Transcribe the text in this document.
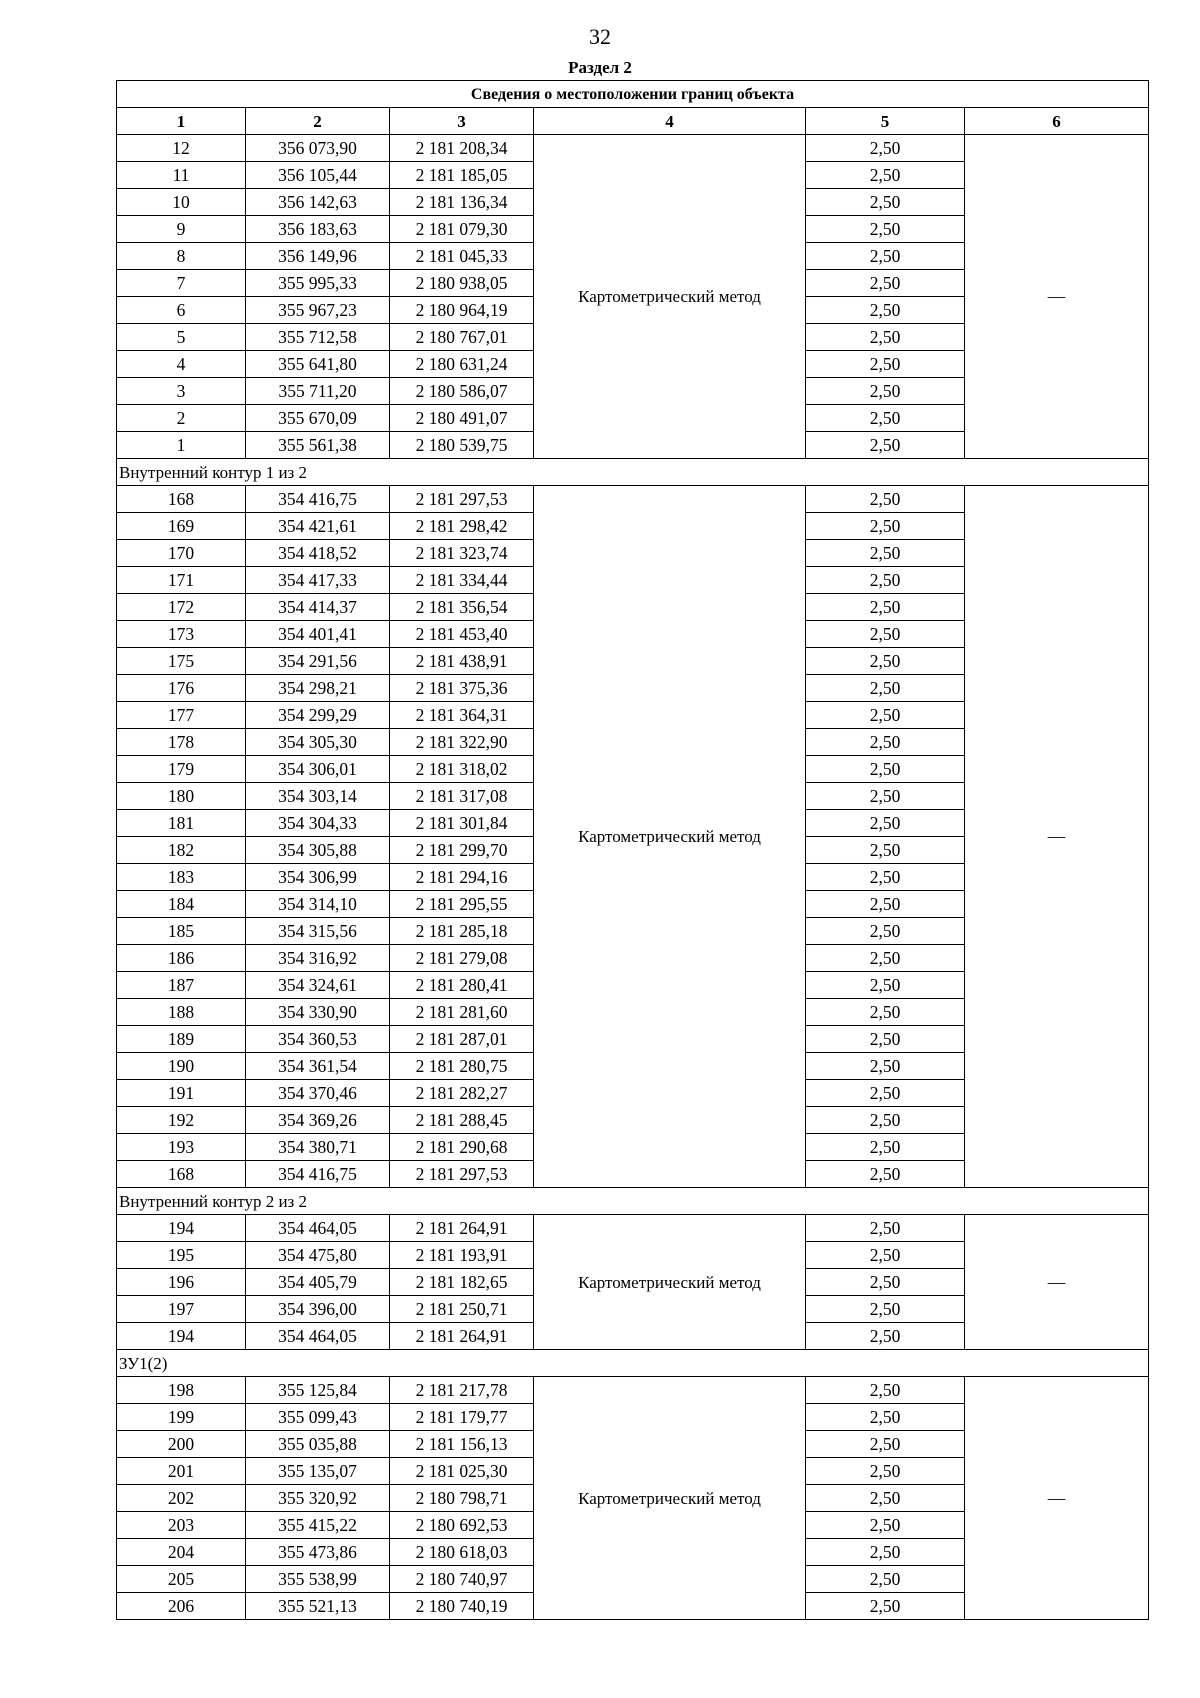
32
Раздел 2
Сведения о местоположении границ объекта					
1	2	3	4	5	6
12	356 073,90	2 181 208,34	Картометрический метод	2,50	—
11	356 105,44	2 181 185,05		2,50	
10	356 142,63	2 181 136,34		2,50	
9	356 183,63	2 181 079,30		2,50	
8	356 149,96	2 181 045,33		2,50	
7	355 995,33	2 180 938,05		2,50	
6	355 967,23	2 180 964,19		2,50	
5	355 712,58	2 180 767,01		2,50	
4	355 641,80	2 180 631,24		2,50	
3	355 711,20	2 180 586,07		2,50	
2	355 670,09	2 180 491,07		2,50	
1	355 561,38	2 180 539,75		2,50	
Внутренний контур 1 из 2					
168	354 416,75	2 181 297,53	Картометрический метод	2,50	—
169	354 421,61	2 181 298,42		2,50	
170	354 418,52	2 181 323,74		2,50	
171	354 417,33	2 181 334,44		2,50	
172	354 414,37	2 181 356,54		2,50	
173	354 401,41	2 181 453,40		2,50	
175	354 291,56	2 181 438,91		2,50	
176	354 298,21	2 181 375,36		2,50	
177	354 299,29	2 181 364,31		2,50	
178	354 305,30	2 181 322,90		2,50	
179	354 306,01	2 181 318,02		2,50	
180	354 303,14	2 181 317,08		2,50	
181	354 304,33	2 181 301,84		2,50	
182	354 305,88	2 181 299,70		2,50	
183	354 306,99	2 181 294,16		2,50	
184	354 314,10	2 181 295,55		2,50	
185	354 315,56	2 181 285,18		2,50	
186	354 316,92	2 181 279,08		2,50	
187	354 324,61	2 181 280,41		2,50	
188	354 330,90	2 181 281,60		2,50	
189	354 360,53	2 181 287,01		2,50	
190	354 361,54	2 181 280,75		2,50	
191	354 370,46	2 181 282,27		2,50	
192	354 369,26	2 181 288,45		2,50	
193	354 380,71	2 181 290,68		2,50	
168	354 416,75	2 181 297,53		2,50	
Внутренний контур 2 из 2					
194	354 464,05	2 181 264,91	Картометрический метод	2,50	—
195	354 475,80	2 181 193,91		2,50	
196	354 405,79	2 181 182,65		2,50	
197	354 396,00	2 181 250,71		2,50	
194	354 464,05	2 181 264,91		2,50	
ЗУ1(2)					
198	355 125,84	2 181 217,78	Картометрический метод	2,50	—
199	355 099,43	2 181 179,77		2,50	
200	355 035,88	2 181 156,13		2,50	
201	355 135,07	2 181 025,30		2,50	
202	355 320,92	2 180 798,71		2,50	
203	355 415,22	2 180 692,53		2,50	
204	355 473,86	2 180 618,03		2,50	
205	355 538,99	2 180 740,97		2,50	
206	355 521,13	2 180 740,19		2,50	
